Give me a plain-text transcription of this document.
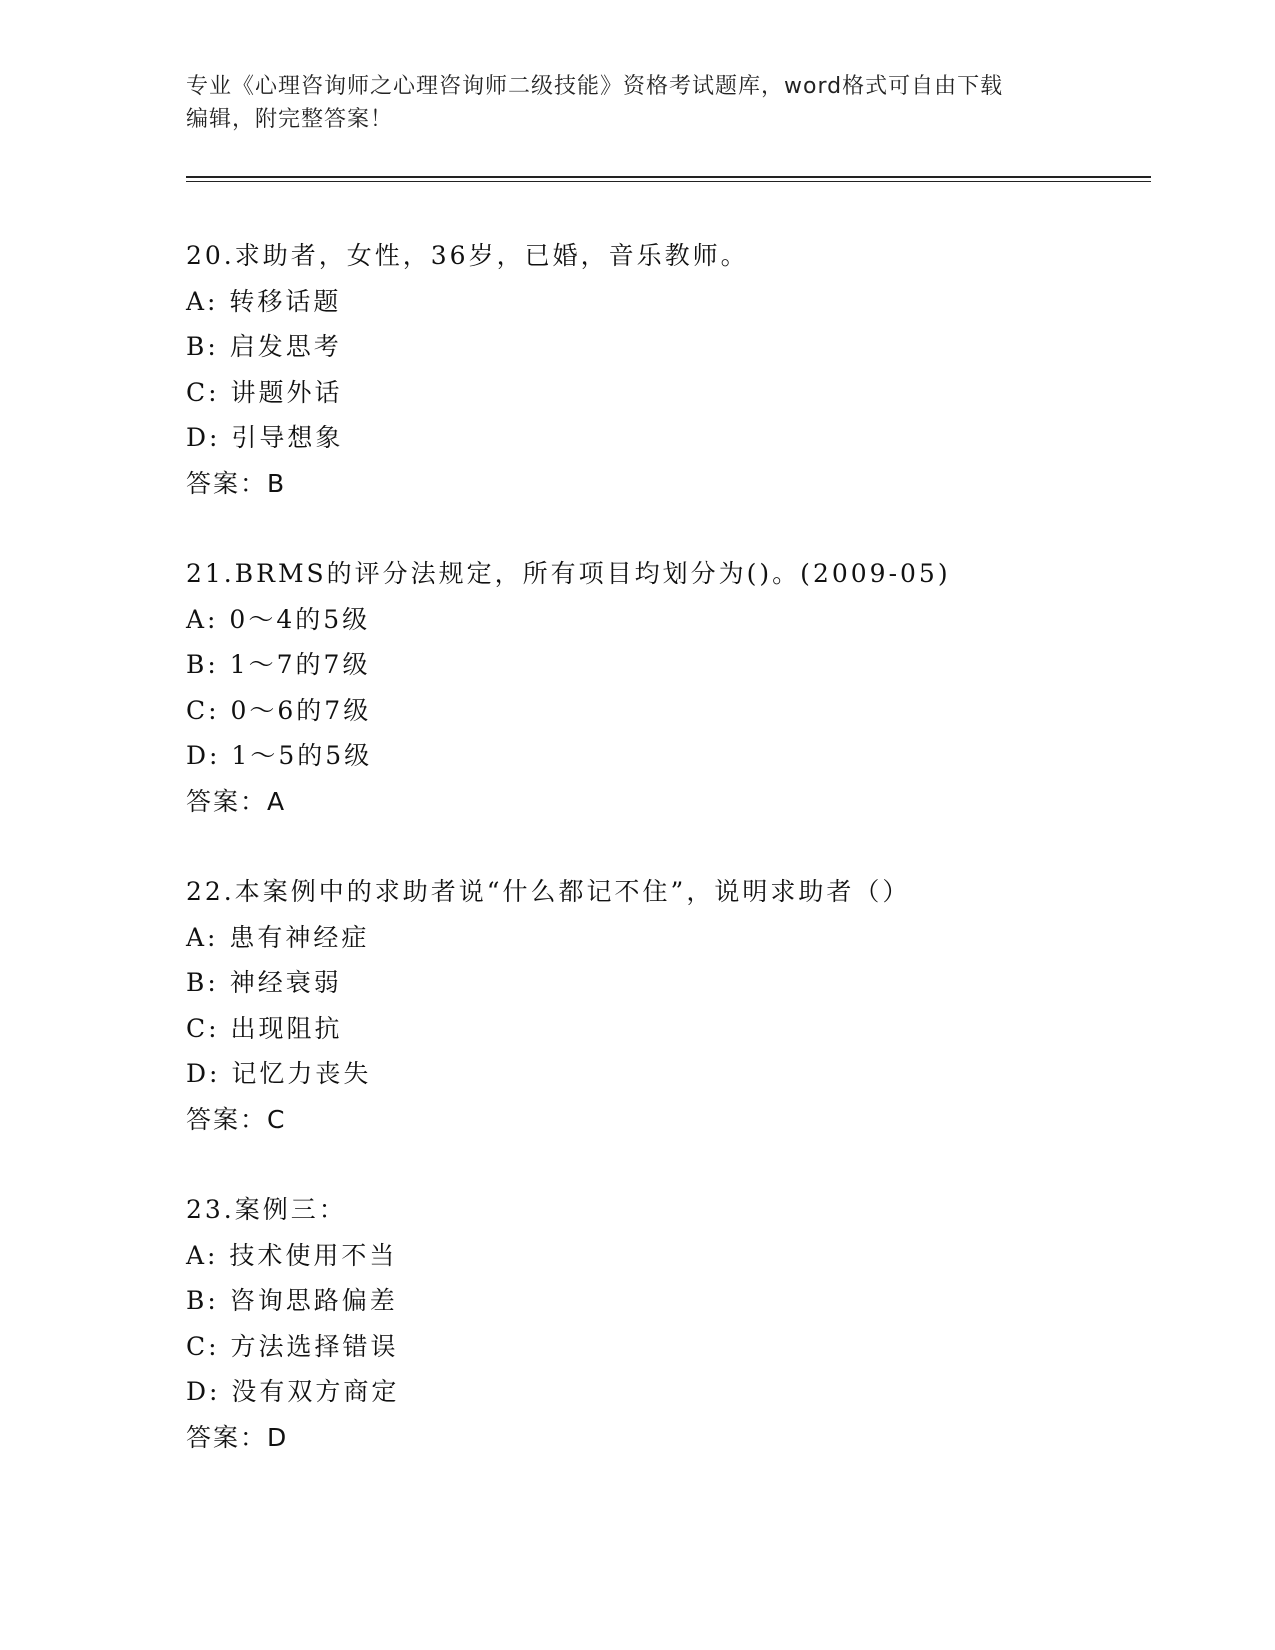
专业《心理咨询师之心理咨询师二级技能》资格考试题库，word格式可自由下载
编辑，附完整答案！
20.求助者，女性，36岁，已婚，音乐教师。
A: 转移话题
B: 启发思考
C: 讲题外话
D: 引导想象
答案：B
21.BRMS的评分法规定，所有项目均划分为()。(2009-05)
A: 0～4的5级
B: 1～7的7级
C: 0～6的7级
D: 1～5的5级
答案：A
22.本案例中的求助者说“什么都记不住”，说明求助者（）
A: 患有神经症
B: 神经衰弱
C: 出现阻抗
D: 记忆力丧失
答案：C
23.案例三：
A: 技术使用不当
B: 咨询思路偏差
C: 方法选择错误
D: 没有双方商定
答案：D
